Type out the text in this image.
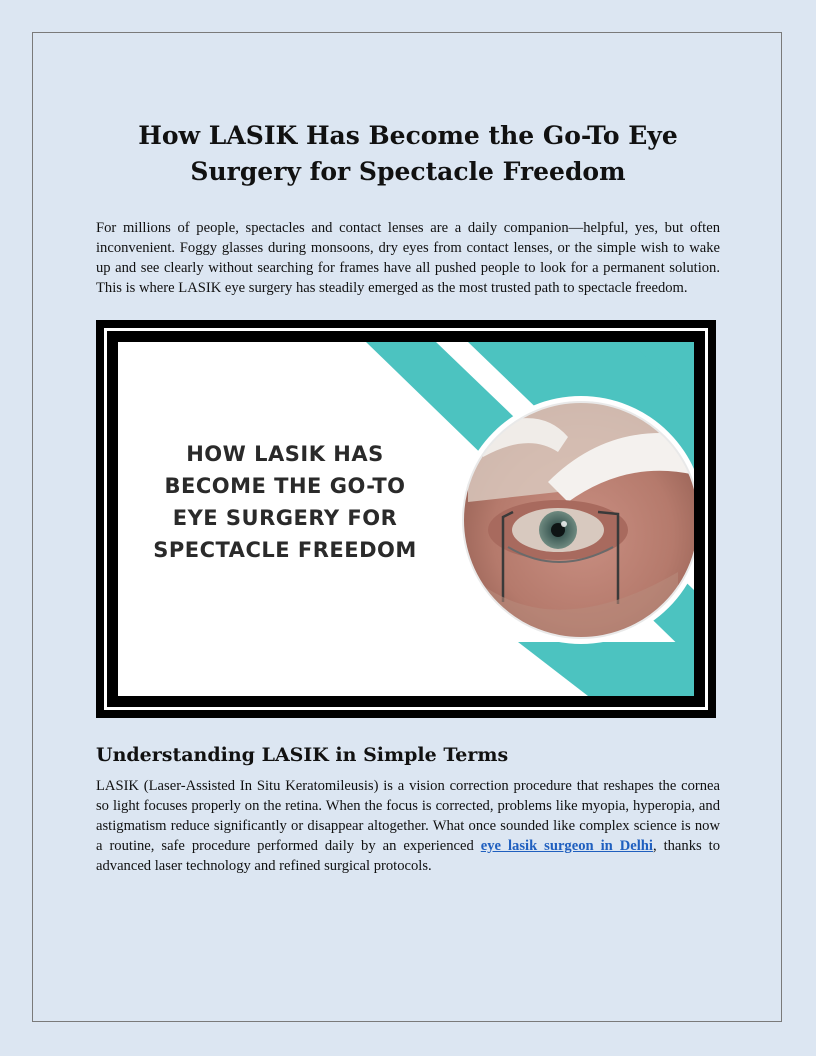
How LASIK Has Become the Go-To Eye Surgery for Spectacle Freedom

For millions of people, spectacles and contact lenses are a daily companion—helpful, yes, but often inconvenient. Foggy glasses during monsoons, dry eyes from contact lenses, or the simple wish to wake up and see clearly without searching for frames have all pushed people to look for a permanent solution. This is where LASIK eye surgery has steadily emerged as the most trusted path to spectacle freedom.

HOW LASIK HAS BECOME THE GO-TO EYE SURGERY FOR SPECTACLE FREEDOM
Understanding LASIK in Simple Terms

LASIK (Laser-Assisted In Situ Keratomileusis) is a vision correction procedure that reshapes the cornea so light focuses properly on the retina. When the focus is corrected, problems like myopia, hyperopia, and astigmatism reduce significantly or disappear altogether. What once sounded like complex science is now a routine, safe procedure performed daily by an experienced eye lasik surgeon in Delhi, thanks to advanced laser technology and refined surgical protocols.
